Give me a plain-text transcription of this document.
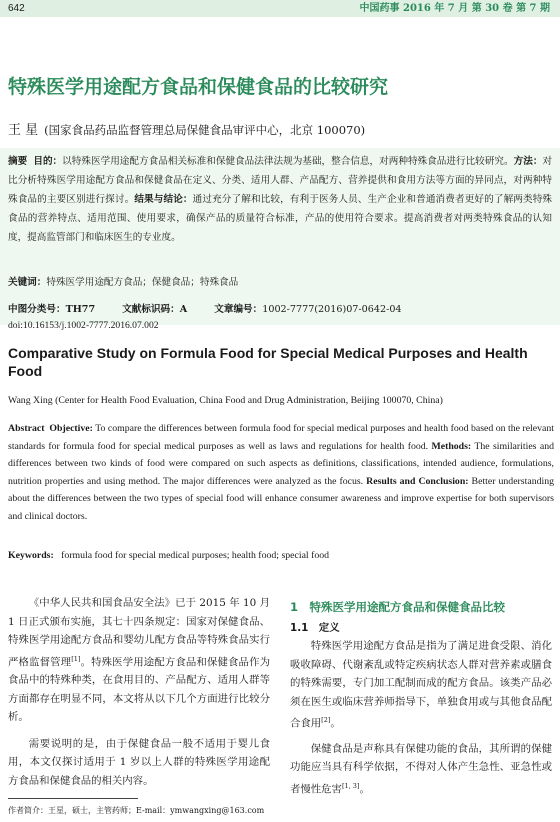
642	中国药事 2016 年 7 月 第 30 卷 第 7 期
特殊医学用途配方食品和保健食品的比较研究
王 星 (国家食品药品监督管理总局保健食品审评中心，北京 100070)
摘要 目的：以特殊医学用途配方食品相关标准和保健食品法律法规为基础，整合信息，对两种特殊食品进行比较研究。方法：对比分析特殊医学用途配方食品和保健食品在定义、分类、适用人群、产品配方、营养提供和食用方法等方面的异同点，对两种特殊食品的主要区别进行探讨。结果与结论：通过充分了解和比较，有利于医务人员、生产企业和普通消费者更好的了解两类特殊食品的营养特点、适用范围、使用要求，确保产品的质量符合标准，产品的使用符合要求。提高消费者对两类特殊食品的认知度，提高监管部门和临床医生的专业度。
关键词：特殊医学用途配方食品；保健食品；特殊食品
中图分类号：TH77	文献标识码：A	文章编号：1002-7777(2016)07-0642-04
doi:10.16153/j.1002-7777.2016.07.002
Comparative Study on Formula Food for Special Medical Purposes and Health Food
Wang Xing (Center for Health Food Evaluation, China Food and Drug Administration, Beijing 100070, China)
Abstract Objective: To compare the differences between formula food for special medical purposes and health food based on the relevant standards for formula food for special medical purposes as well as laws and regulations for health food. Methods: The similarities and differences between two kinds of food were compared on such aspects as definitions, classifications, intended audience, formulations, nutrition properties and using method. The major differences were analyzed as the focus. Results and Conclusion: Better understanding about the differences between the two types of special food will enhance consumer awareness and improve expertise for both supervisors and clinical doctors.
Keywords: formula food for special medical purposes; health food; special food

《中华人民共和国食品安全法》已于 2015 年 10 月 1 日正式颁布实施，其七十四条规定：国家对保健食品、特殊医学用途配方食品和婴幼儿配方食品等特殊食品实行严格监督管理[1]。特殊医学用途配方食品和保健食品作为食品中的特殊种类，在食用目的、产品配方、适用人群等方面都存在明显不同，本文将从以下几个方面进行比较分析。

需要说明的是，由于保健食品一般不适用于婴儿食用，本文仅探讨适用于 1 岁以上人群的特殊医学用途配方食品和保健食品的相关内容。

1　特殊医学用途配方食品和保健食品比较
1.1　定义

特殊医学用途配方食品是指为了满足进食受限、消化吸收障碍、代谢紊乱或特定疾病状态人群对营养素或膳食的特殊需要，专门加工配制而成的配方食品。该类产品必须在医生或临床营养师指导下，单独食用或与其他食品配合食用[2]。

保健食品是声称具有保健功能的食品，其所谓的保健功能应当具有科学依据，不得对人体产生急性、亚急性或者慢性危害[1, 3]。

作者简介：王星，硕士，主管药师；E-mail：ymwangxing@163.com
